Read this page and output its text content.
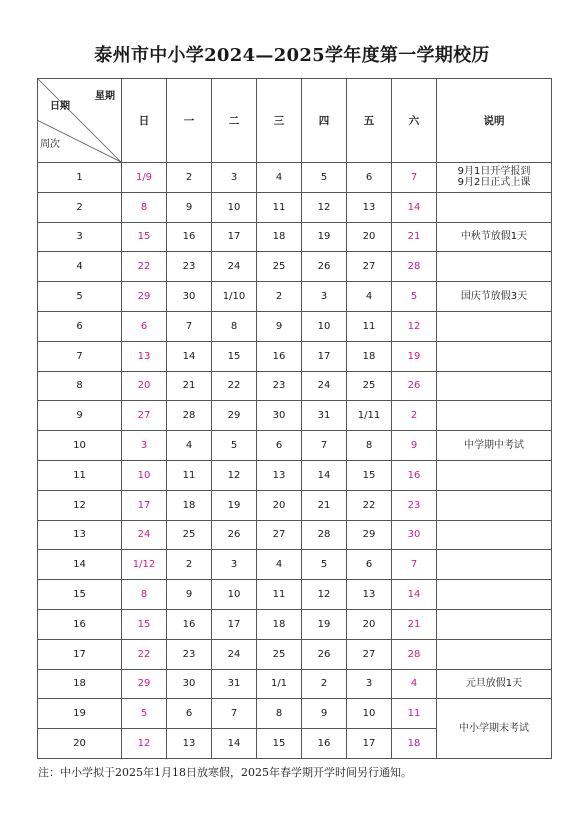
泰州市中小学2024—2025学年度第一学期校历
星期
日期
周次	日	一	二	三	四	五	六	说明
1	1/9	2	3	4	5	6	7	9月1日开学报到
9月2日正式上课

2	8	9	10	11	12	13	14	
3	15	16	17	18	19	20	21	中秋节放假1天

4	22	23	24	25	26	27	28	
5	29	30	1/10	2	3	4	5	国庆节放假3天

6	6	7	8	9	10	11	12	
7	13	14	15	16	17	18	19	
8	20	21	22	23	24	25	26	
9	27	28	29	30	31	1/11	2	
10	3	4	5	6	7	8	9	中学期中考试

11	10	11	12	13	14	15	16	
12	17	18	19	20	21	22	23	
13	24	25	26	27	28	29	30	
14	1/12	2	3	4	5	6	7	
15	8	9	10	11	12	13	14	
16	15	16	17	18	19	20	21	
17	22	23	24	25	26	27	28	
18	29	30	31	1/1	2	3	4	元旦放假1天

19	5	6	7	8	9	10	11	中小学期末考试

20	12	13	14	15	16	17	18	
注：中小学拟于2025年1月18日放寒假，2025年春学期开学时间另行通知。
